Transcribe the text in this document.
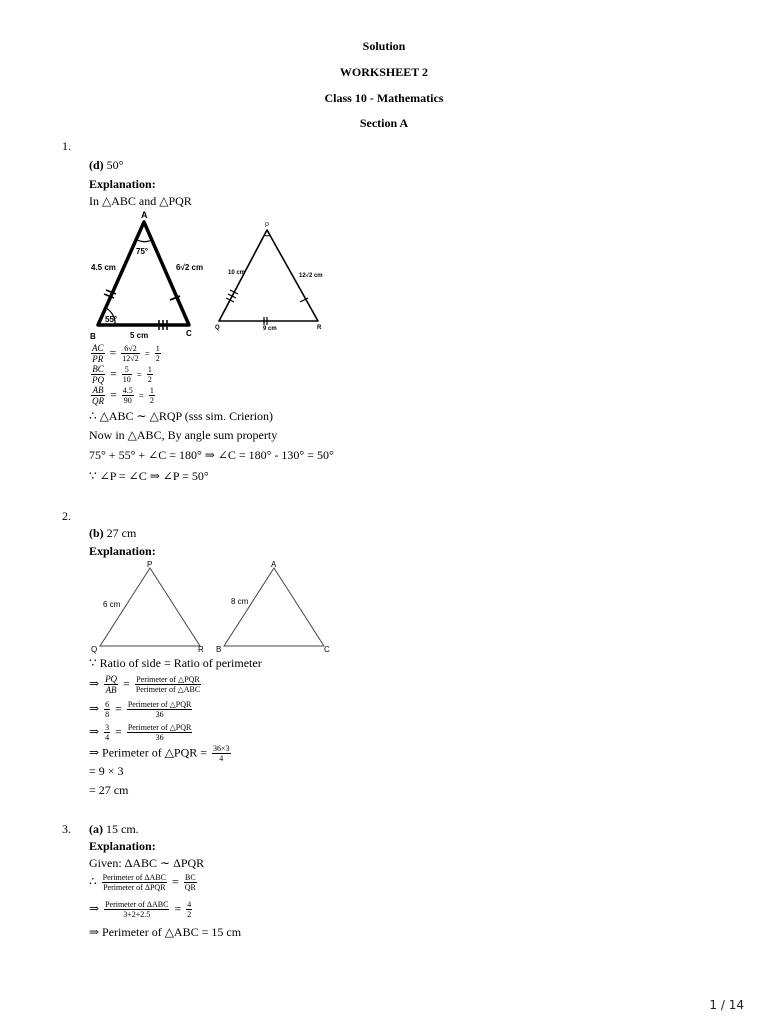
Solution
WORKSHEET 2
Class 10 - Mathematics
Section A
1.
(d) 50°
Explanation:
In △ABC and △PQR
A
B	C
4.5 cm	6√2 cm
5 cm
75°
55°
P
Q	R
10 cm	12√2 cm
9 cm
$\frac{AC}{PR} = \frac{6√2}{12√2} = \frac{1}{2}$
$\frac{BC}{PQ} = \frac{5}{10} = \frac{1}{2}$
$\frac{AB}{QR} = \frac{4.5}{90} = \frac{1}{2}$
∴ △ABC ∼ △RQP (sss sim. Crierion)
Now in △ABC, By angle sum property
75° + 55° + ∠C = 180° ⇒ ∠C = 180° - 130° = 50°
∵ ∠P = ∠C ⇒ ∠P = 50°
2.
(b) 27 cm
Explanation:
P
Q	R
6 cm
A
B	C
8 cm
∵ Ratio of side = Ratio of perimeter
⇒ $\frac{PQ}{AB} = \frac{\text{Perimeter of △PQR}}{\text{Perimeter of △ABC}}$
⇒ $\frac{6}{8} = \frac{\text{Perimeter of △PQR}}{36}$
⇒ $\frac{3}{4} = \frac{\text{Perimeter of △PQR}}{36}$
⇒ Perimeter of △PQR = $\frac{36\times 3}{4}$
= 9 × 3
= 27 cm
3. (a) 15 cm.
Explanation:
Given: ΔABC ∼ ΔPQR
∴ $\frac{\text{Perimeter of ΔABC}}{\text{Perimeter of ΔPQR}} = \frac{BC}{QR}$
⇒ $\frac{\text{Perimeter of ΔABC}}{3+2+2.5} = \frac{4}{2}$
⇒ Perimeter of △ABC = 15 cm
1 / 14
